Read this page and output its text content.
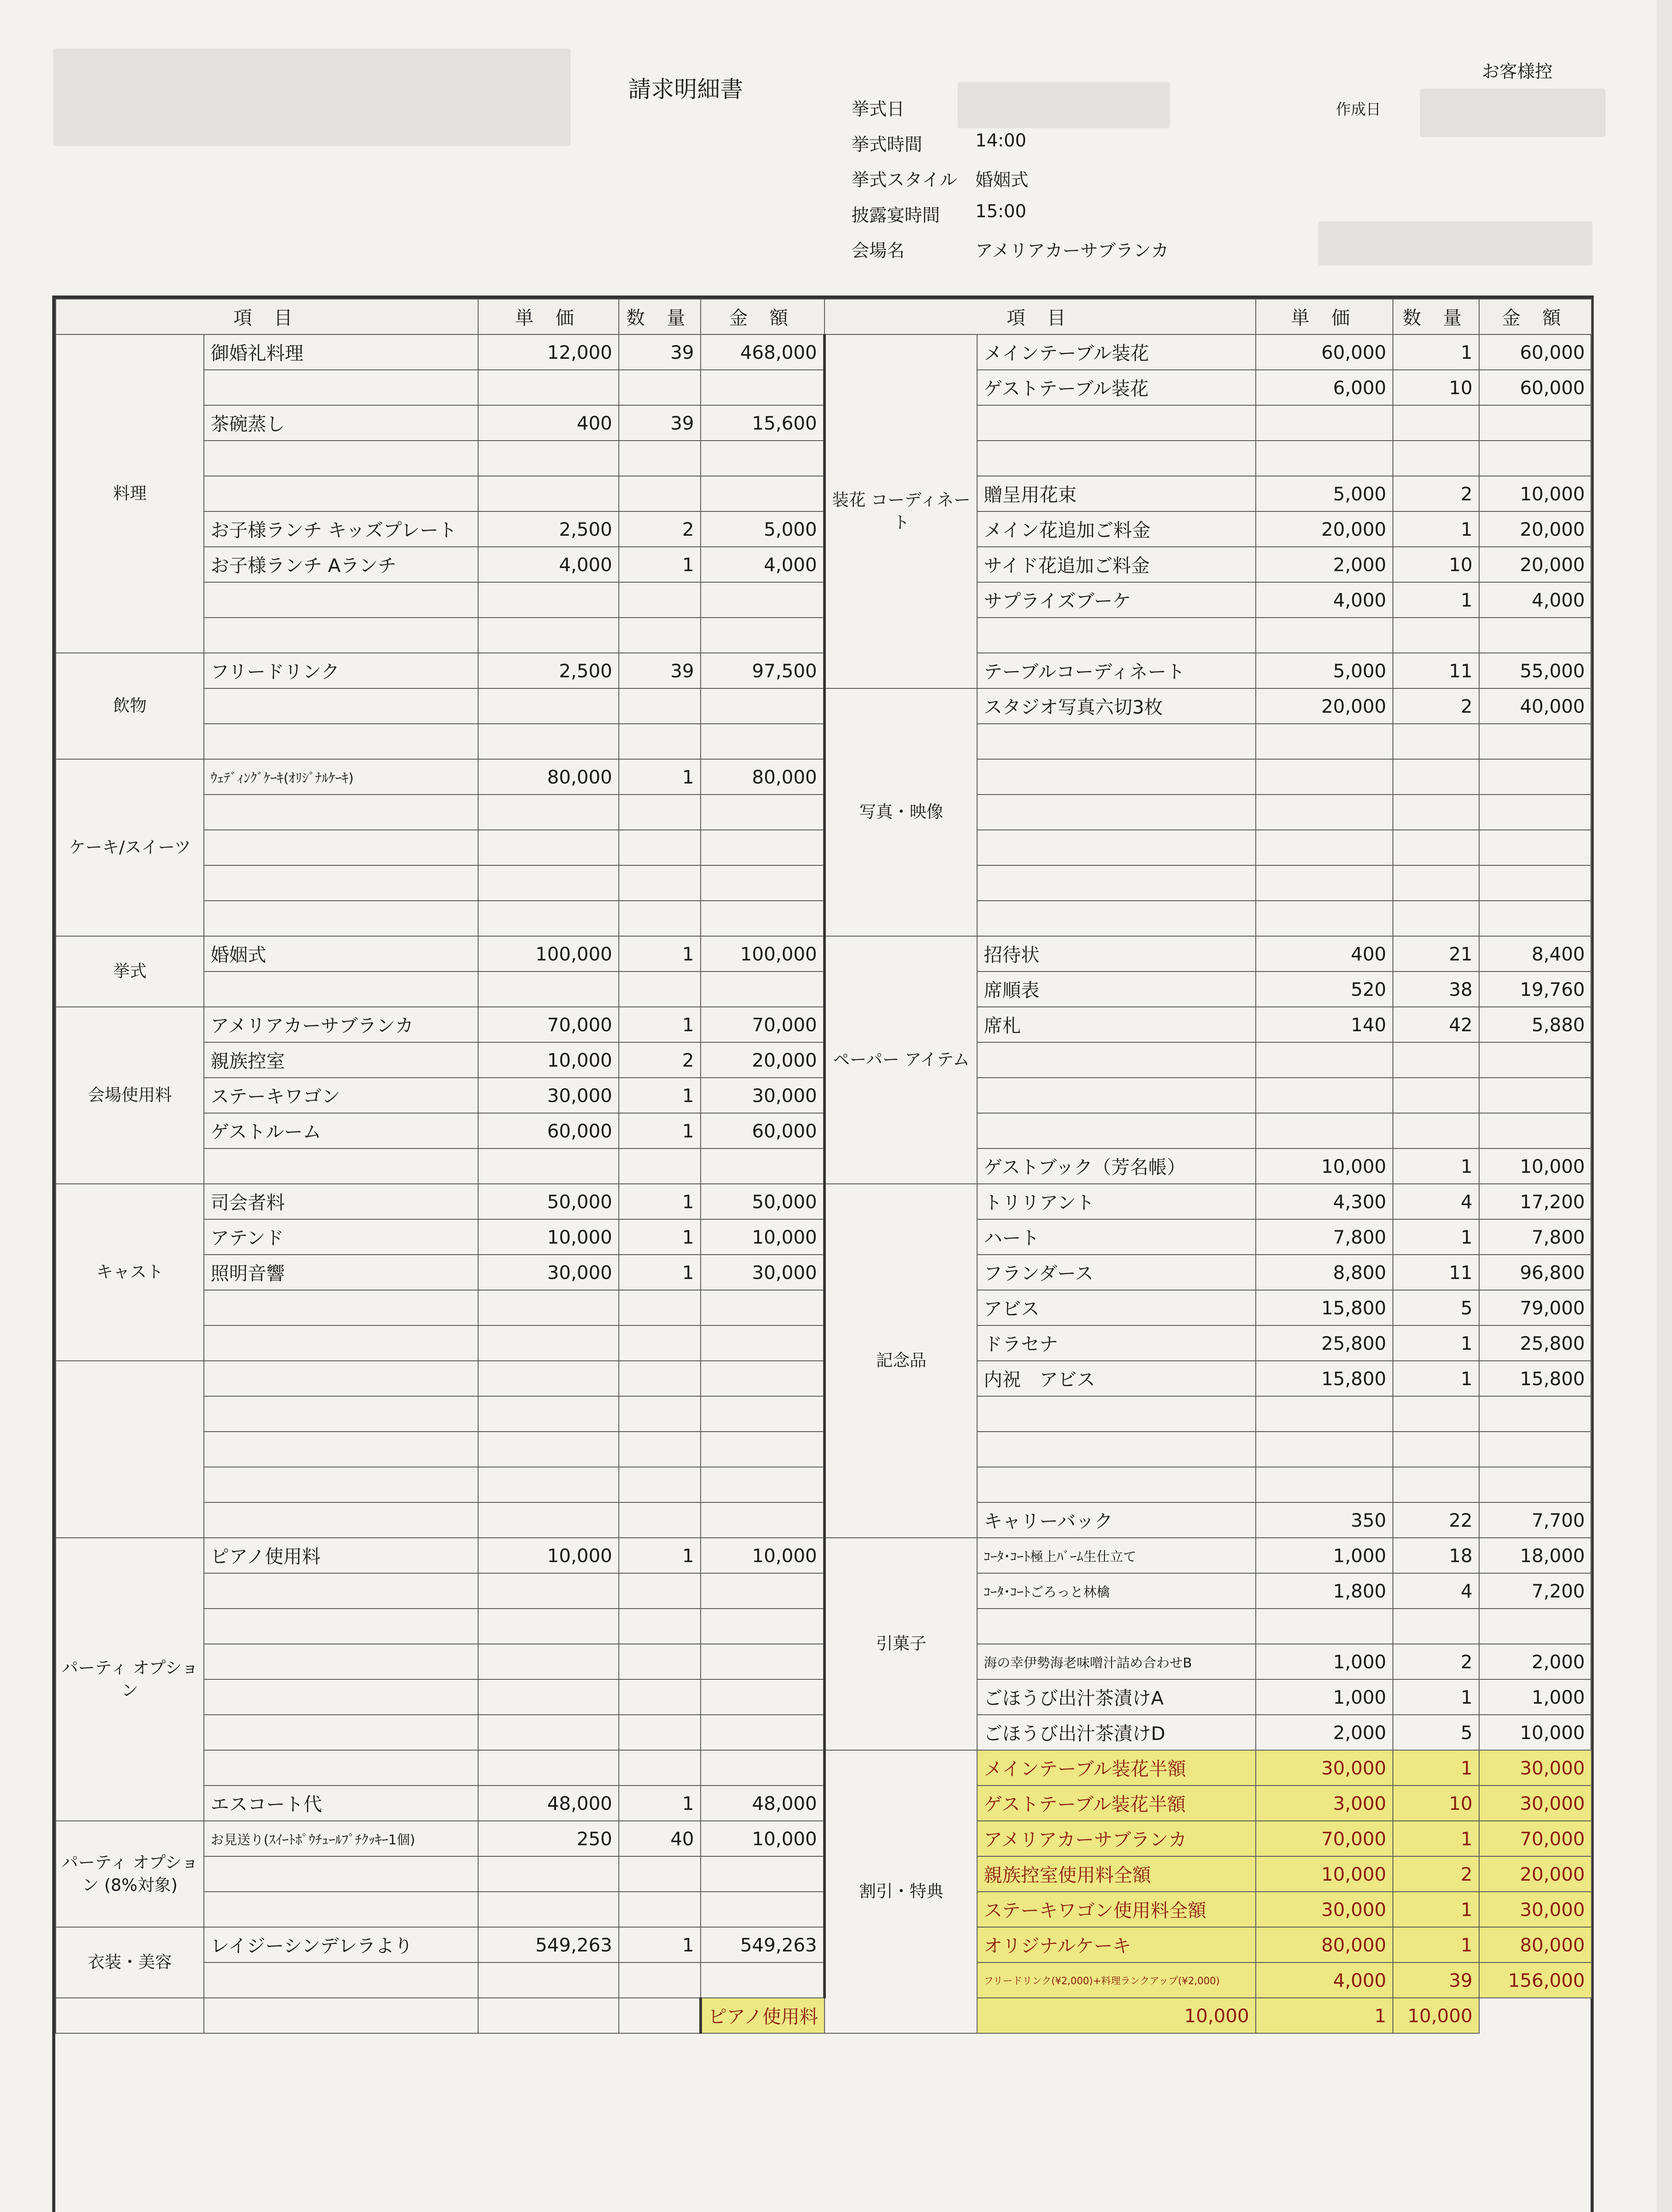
請求明細書
お客様控
作成日
挙式日
挙式時間	14:00
挙式スタイル 婚姻式
披露宴時間 15:00
会場名	アメリアカーサブランカ
項 目		単 価	数 量	金 額	項 目		単 価	数 量	金 額
料理	御婚礼料理	12,000	39	468,000	装花 コーディネート	メインテーブル装花	60,000	1	60,000
						ゲストテーブル装花	6,000	10	60,000
	茶碗蒸し	400	39	15,600					

						贈呈用花束	5,000	2	10,000
	お子様ランチ キッズプレート	2,500	2	5,000		メイン花追加ご料金	20,000	1	20,000
	お子様ランチ Aランチ	4,000	1	4,000		サイド花追加ご料金	2,000	10	20,000
						サプライズブーケ	4,000	1	4,000

飲物	フリードリンク	2,500	39	97,500		テーブルコーディネート	5,000	11	55,000
					写真・映像	スタジオ写真六切3枚	20,000	2	40,000

ケーキ/スイーツ	ｳｪﾃﾞｨﾝｸﾞｹｰｷ(ｵﾘｼﾞﾅﾙｹｰｷ)	80,000	1	80,000					

挙式	婚姻式	100,000	1	100,000	ペーパー アイテム	招待状	400	21	8,400
						席順表	520	38	19,760
会場使用料	アメリアカーサブランカ	70,000	1	70,000		席札	140	42	5,880
	親族控室	10,000	2	20,000					
	ステーキワゴン	30,000	1	30,000					
	ゲストルーム	60,000	1	60,000					
						ゲストブック（芳名帳）	10,000	1	10,000
キャスト	司会者料	50,000	1	50,000	記念品	トリリアント	4,300	4	17,200
	アテンド	10,000	1	10,000		ハート	7,800	1	7,800
	照明音響	30,000	1	30,000		フランダース	8,800	11	96,800
						アビス	15,800	5	79,000
						ドラセナ	25,800	1	25,800
						内祝　アビス	15,800	1	15,800

						キャリーバック	350	22	7,700
パーティ オプション	ピアノ使用料	10,000	1	10,000	引菓子	ｺｰﾀ･ｺｰﾄ極上ﾊﾞｰﾑ生仕立て	1,000	18	18,000
						ｺｰﾀ･ｺｰﾄごろっと林檎	1,800	4	7,200

						海の幸伊勢海老味噌汁詰め合わせB	1,000	2	2,000
						ごほうび出汁茶漬けA	1,000	1	1,000
						ごほうび出汁茶漬けD	2,000	5	10,000
					割引・特典	メインテーブル装花半額	30,000	1	30,000
	エスコート代	48,000	1	48,000		ゲストテーブル装花半額	3,000	10	30,000
パーティ オプション (8%対象)	お見送り(ｽｲｰﾄﾎﾟｳﾁｭｰﾙﾌﾟﾁｸｯｷｰ1個)	250	40	10,000		アメリアカーサブランカ	70,000	1	70,000
						親族控室使用料全額	10,000	2	20,000
						ステーキワゴン使用料全額	30,000	1	30,000
衣装・美容	レイジーシンデレラより	549,263	1	549,263		オリジナルケーキ	80,000	1	80,000
						フリードリンク(¥2,000)+料理ランクアップ(¥2,000)	4,000	39	156,000
				ピアノ使用料		10,000	1	10,000	
